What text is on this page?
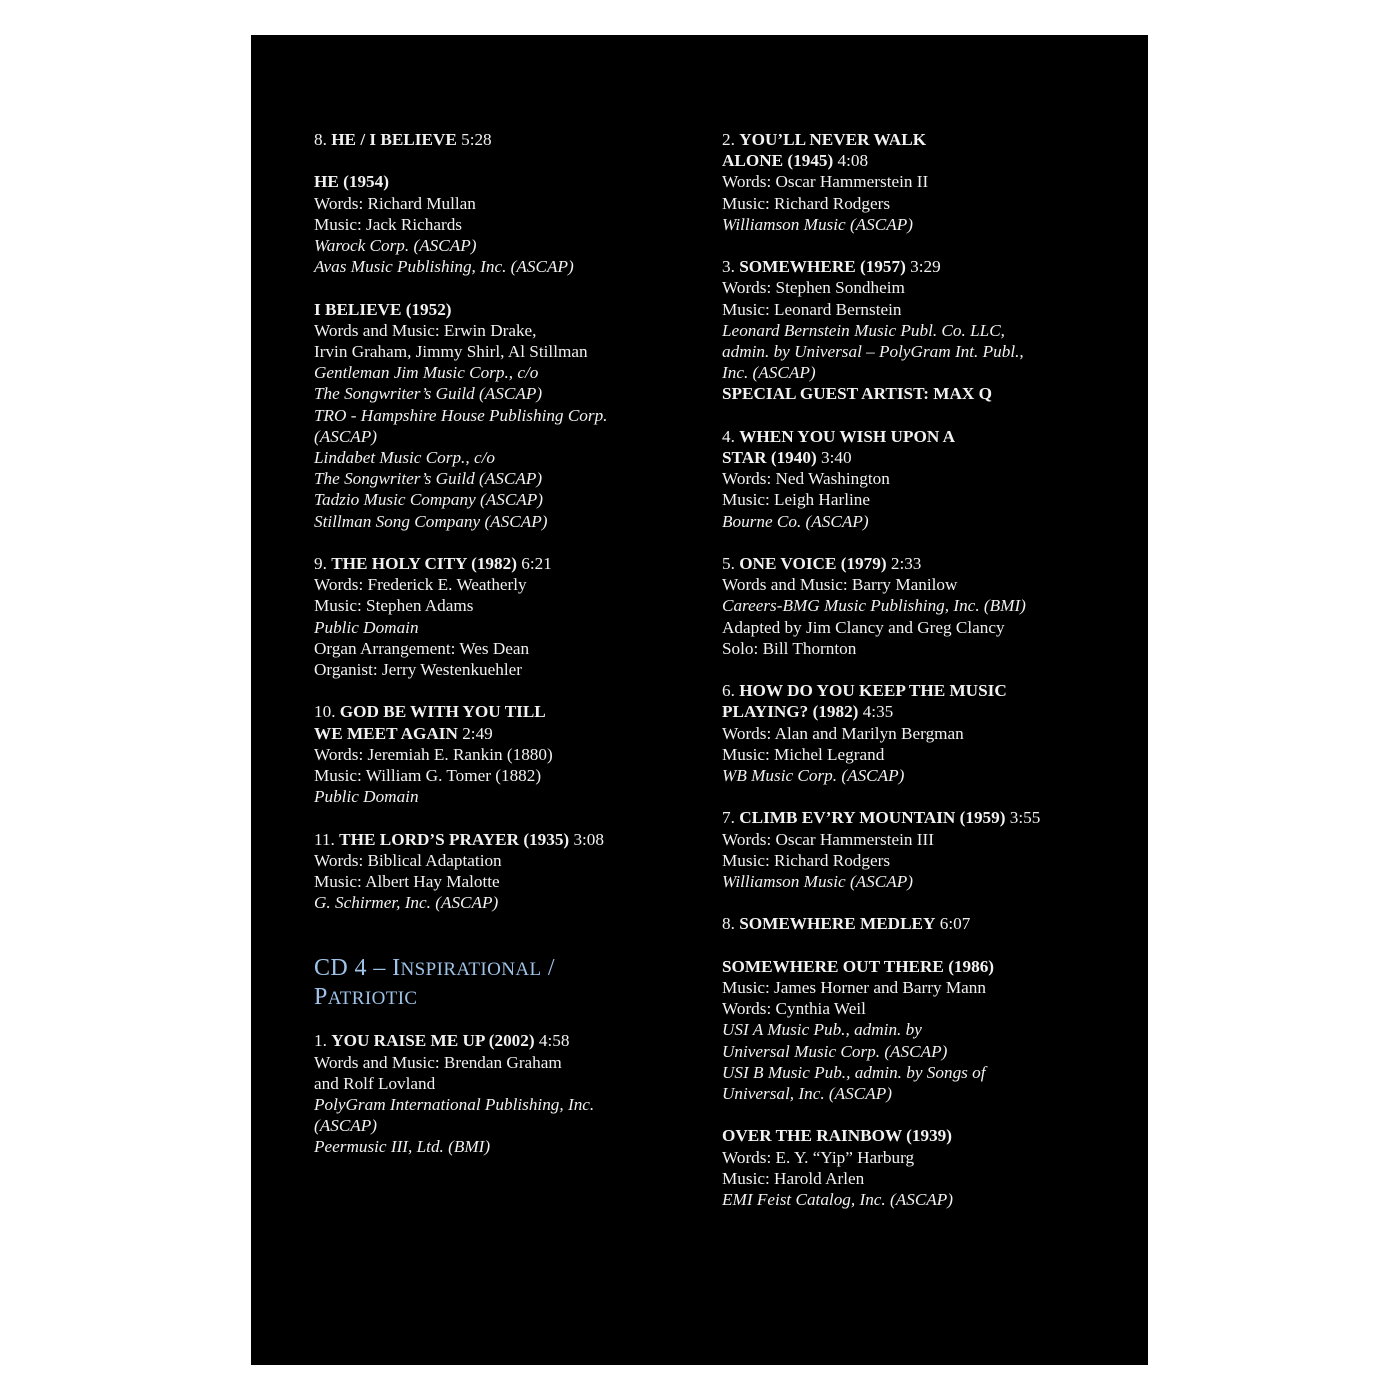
8. HE / I BELIEVE 5:28
HE (1954)
Words: Richard Mullan
Music: Jack Richards
Warock Corp. (ASCAP)
Avas Music Publishing, Inc. (ASCAP)
I BELIEVE (1952)
Words and Music: Erwin Drake,
Irvin Graham, Jimmy Shirl, Al Stillman
Gentleman Jim Music Corp., c/o
The Songwriter’s Guild (ASCAP)
TRO - Hampshire House Publishing Corp.
(ASCAP)
Lindabet Music Corp., c/o
The Songwriter’s Guild (ASCAP)
Tadzio Music Company (ASCAP)
Stillman Song Company (ASCAP)
9. THE HOLY CITY (1982) 6:21
Words: Frederick E. Weatherly
Music: Stephen Adams
Public Domain
Organ Arrangement: Wes Dean
Organist: Jerry Westenkuehler
10. GOD BE WITH YOU TILL
WE MEET AGAIN 2:49
Words: Jeremiah E. Rankin (1880)
Music: William G. Tomer (1882)
Public Domain
11. THE LORD’S PRAYER (1935) 3:08
Words: Biblical Adaptation
Music: Albert Hay Malotte
G. Schirmer, Inc. (ASCAP)
CD 4 – INSPIRATIONAL /
PATRIOTIC
1. YOU RAISE ME UP (2002) 4:58
Words and Music: Brendan Graham
and Rolf Lovland
PolyGram International Publishing, Inc.
(ASCAP)
Peermusic III, Ltd. (BMI)
2. YOU’LL NEVER WALK
ALONE (1945) 4:08
Words: Oscar Hammerstein II
Music: Richard Rodgers
Williamson Music (ASCAP)
3. SOMEWHERE (1957) 3:29
Words: Stephen Sondheim
Music: Leonard Bernstein
Leonard Bernstein Music Publ. Co. LLC,
admin. by Universal – PolyGram Int. Publ.,
Inc. (ASCAP)
SPECIAL GUEST ARTIST: MAX Q
4. WHEN YOU WISH UPON A
STAR (1940) 3:40
Words: Ned Washington
Music: Leigh Harline
Bourne Co. (ASCAP)
5. ONE VOICE (1979) 2:33
Words and Music: Barry Manilow
Careers-BMG Music Publishing, Inc. (BMI)
Adapted by Jim Clancy and Greg Clancy
Solo: Bill Thornton
6. HOW DO YOU KEEP THE MUSIC
PLAYING? (1982) 4:35
Words: Alan and Marilyn Bergman
Music: Michel Legrand
WB Music Corp. (ASCAP)
7. CLIMB EV’RY MOUNTAIN (1959) 3:55
Words: Oscar Hammerstein III
Music: Richard Rodgers
Williamson Music (ASCAP)
8. SOMEWHERE MEDLEY 6:07
SOMEWHERE OUT THERE (1986)
Music: James Horner and Barry Mann
Words: Cynthia Weil
USI A Music Pub., admin. by
Universal Music Corp. (ASCAP)
USI B Music Pub., admin. by Songs of
Universal, Inc. (ASCAP)
OVER THE RAINBOW (1939)
Words: E. Y. “Yip” Harburg
Music: Harold Arlen
EMI Feist Catalog, Inc. (ASCAP)
